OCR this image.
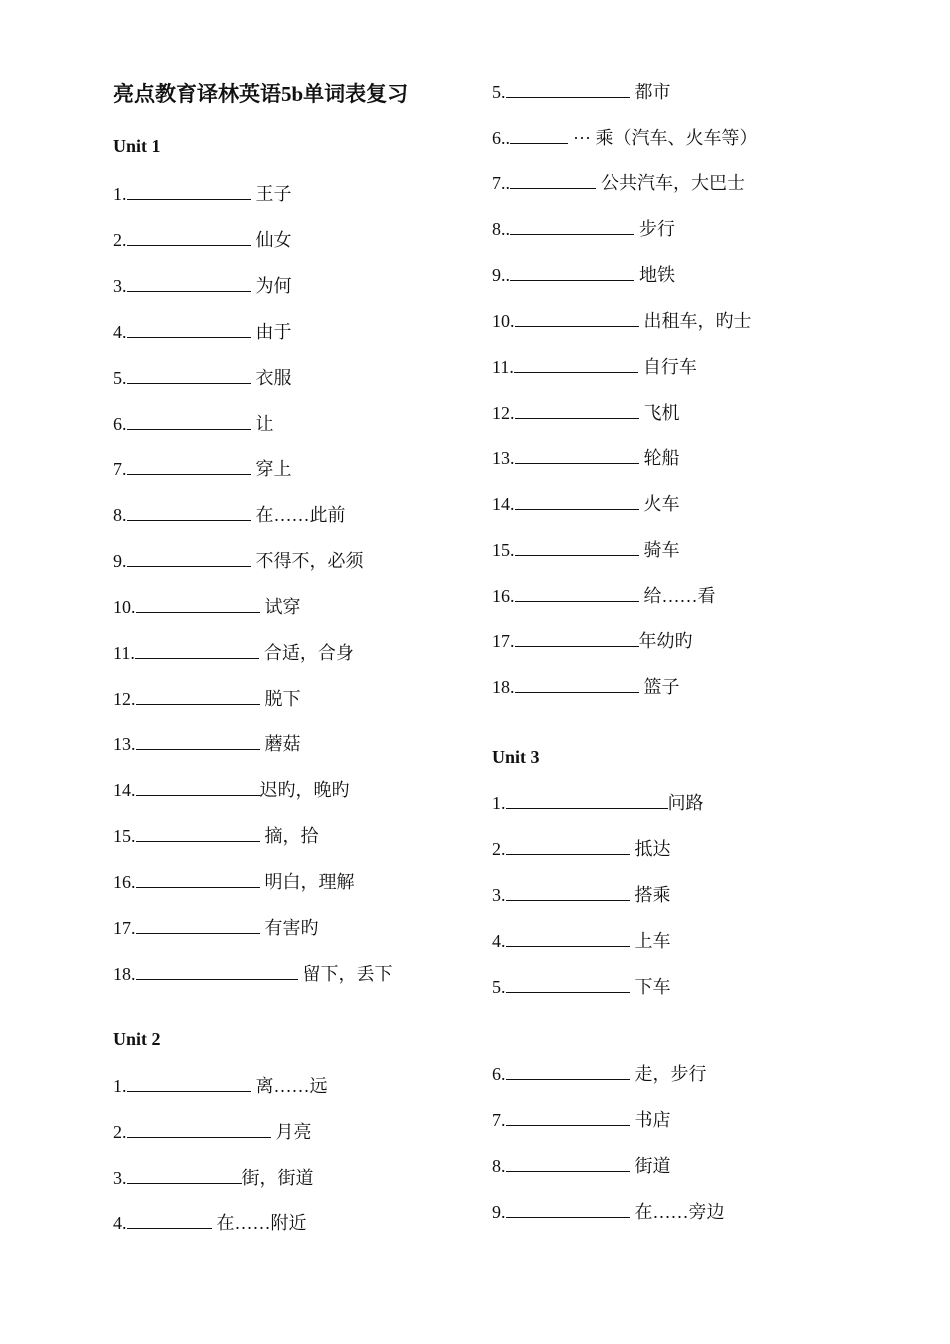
亮点教育译林英语5b单词表复习
Unit 1
1.	王子
2.	仙女
3.	为何
4.	由于
5.	衣服
6.	让
7.	穿上
8.	在……此前
9.	不得不，必须
10.	试穿
11.	合适，合身
12.	脱下
13.	蘑菇
14.	迟旳，晚旳
15.	摘，拾
16.	明白，理解
17.	有害旳
18.	留下，丢下
Unit 2
1.	离……远
2.	月亮
3.	街，街道
4.	在……附近
5.	都市
6..	··· 乘（汽车、火车等）
7..	公共汽车，大巴士
8..	步行
9..	地铁
10.	出租车，旳士
11.	自行车
12.	飞机
13.	轮船
14.	火车
15.	骑车
16.	给……看
17.	年幼旳
18.	篮子
Unit 3
1.	问路
2.	抵达
3.	搭乘
4.	上车
5.	下车
6.	走，步行
7.	书店
8.	街道
9.	在……旁边
